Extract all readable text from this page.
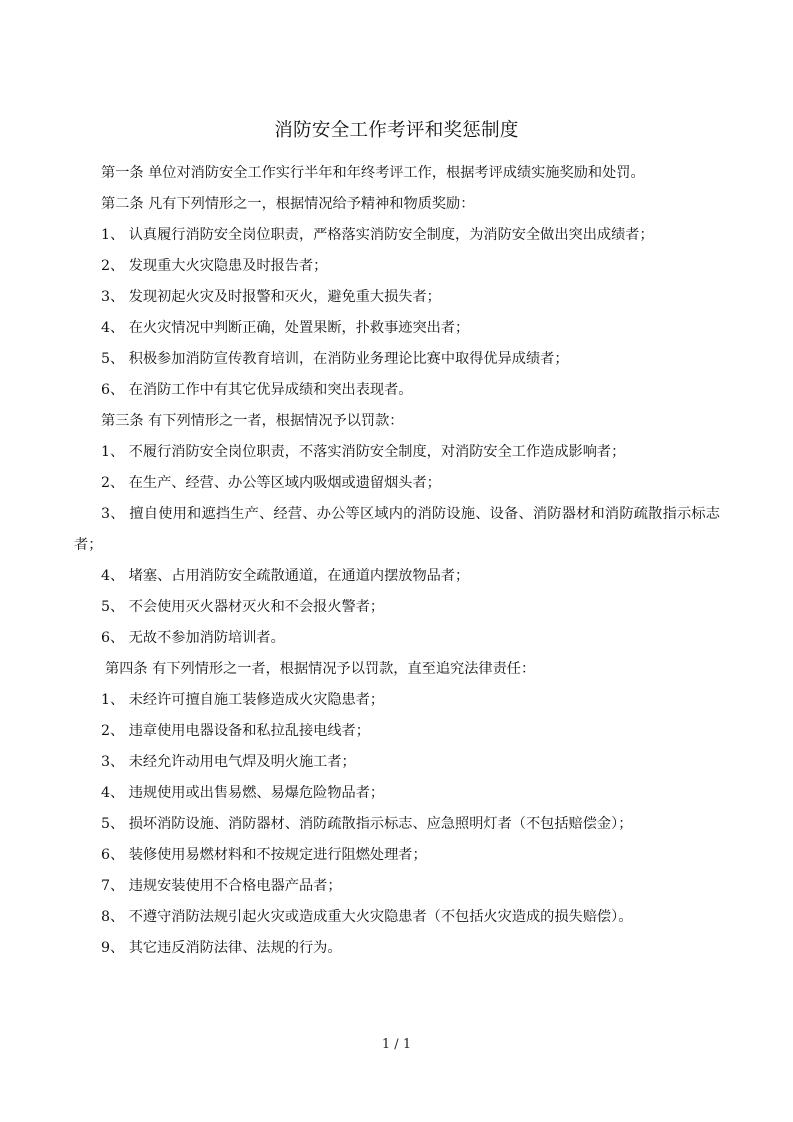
消防安全工作考评和奖惩制度
第一条 单位对消防安全工作实行半年和年终考评工作，根据考评成绩实施奖励和处罚。
第二条 凡有下列情形之一，根据情况给予精神和物质奖励：
1、 认真履行消防安全岗位职责，严格落实消防安全制度，为消防安全做出突出成绩者；
2、 发现重大火灾隐患及时报告者；
3、 发现初起火灾及时报警和灭火，避免重大损失者；
4、 在火灾情况中判断正确，处置果断，扑救事迹突出者；
5、 积极参加消防宣传教育培训，在消防业务理论比赛中取得优异成绩者；
6、 在消防工作中有其它优异成绩和突出表现者。
第三条 有下列情形之一者，根据情况予以罚款：
1、 不履行消防安全岗位职责，不落实消防安全制度，对消防安全工作造成影响者；
2、 在生产、经营、办公等区域内吸烟或遗留烟头者；
3、 擅自使用和遮挡生产、经营、办公等区域内的消防设施、设备、消防器材和消防疏散指示标志者；
4、 堵塞、占用消防安全疏散通道，在通道内摆放物品者；
5、 不会使用灭火器材灭火和不会报火警者；
6、 无故不参加消防培训者。
第四条 有下列情形之一者，根据情况予以罚款，直至追究法律责任：
1、 未经许可擅自施工装修造成火灾隐患者；
2、 违章使用电器设备和私拉乱接电线者；
3、 未经允许动用电气焊及明火施工者；
4、 违规使用或出售易燃、易爆危险物品者；
5、 损坏消防设施、消防器材、消防疏散指示标志、应急照明灯者（不包括赔偿金）；
6、 装修使用易燃材料和不按规定进行阻燃处理者；
7、 违规安装使用不合格电器产品者；
8、 不遵守消防法规引起火灾或造成重大火灾隐患者（不包括火灾造成的损失赔偿）。
9、 其它违反消防法律、法规的行为。
1 / 1
